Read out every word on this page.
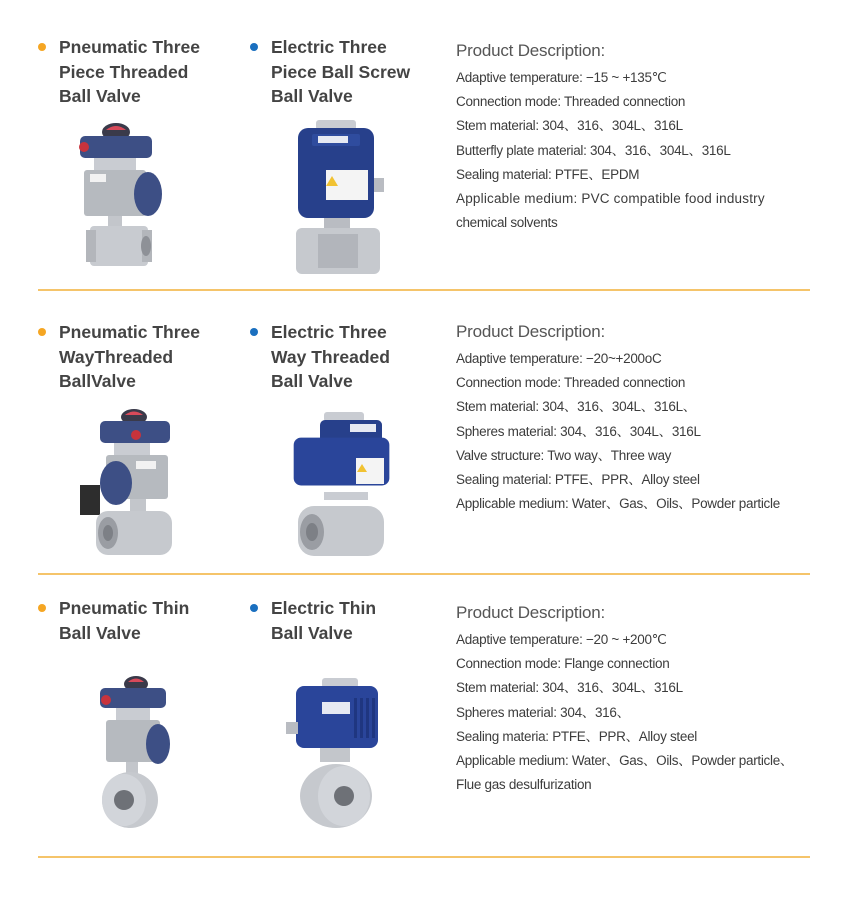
Pneumatic Three
Piece Threaded
Ball Valve
Electric Three
Piece Ball Screw
Ball Valve
Product Description:
Adaptive temperature: −15 ~ +135℃
Connection mode: Threaded connection
Stem material: 304、316、304L、316L
Butterfly plate material: 304、316、304L、316L
Sealing material: PTFE、EPDM
Applicable medium: PVC compatible food industry
chemical solvents
Pneumatic Three
WayThreaded
BallValve
Electric Three
Way Threaded
Ball Valve
Product Description:
Adaptive temperature: −20~+200oC
Connection mode: Threaded connection
Stem material: 304、316、304L、316L、
Spheres material: 304、316、304L、316L
Valve structure: Two way、Three way
Sealing material: PTFE、PPR、Alloy steel
Applicable medium: Water、Gas、Oils、Powder particle
Pneumatic Thin
Ball Valve
Electric Thin
Ball Valve
Product Description:
Adaptive temperature: −20 ~ +200℃
Connection mode: Flange connection
Stem material: 304、316、304L、316L
Spheres material: 304、316、
Sealing materia: PTFE、PPR、Alloy steel
Applicable medium: Water、Gas、Oils、Powder particle、
Flue gas desulfurization
